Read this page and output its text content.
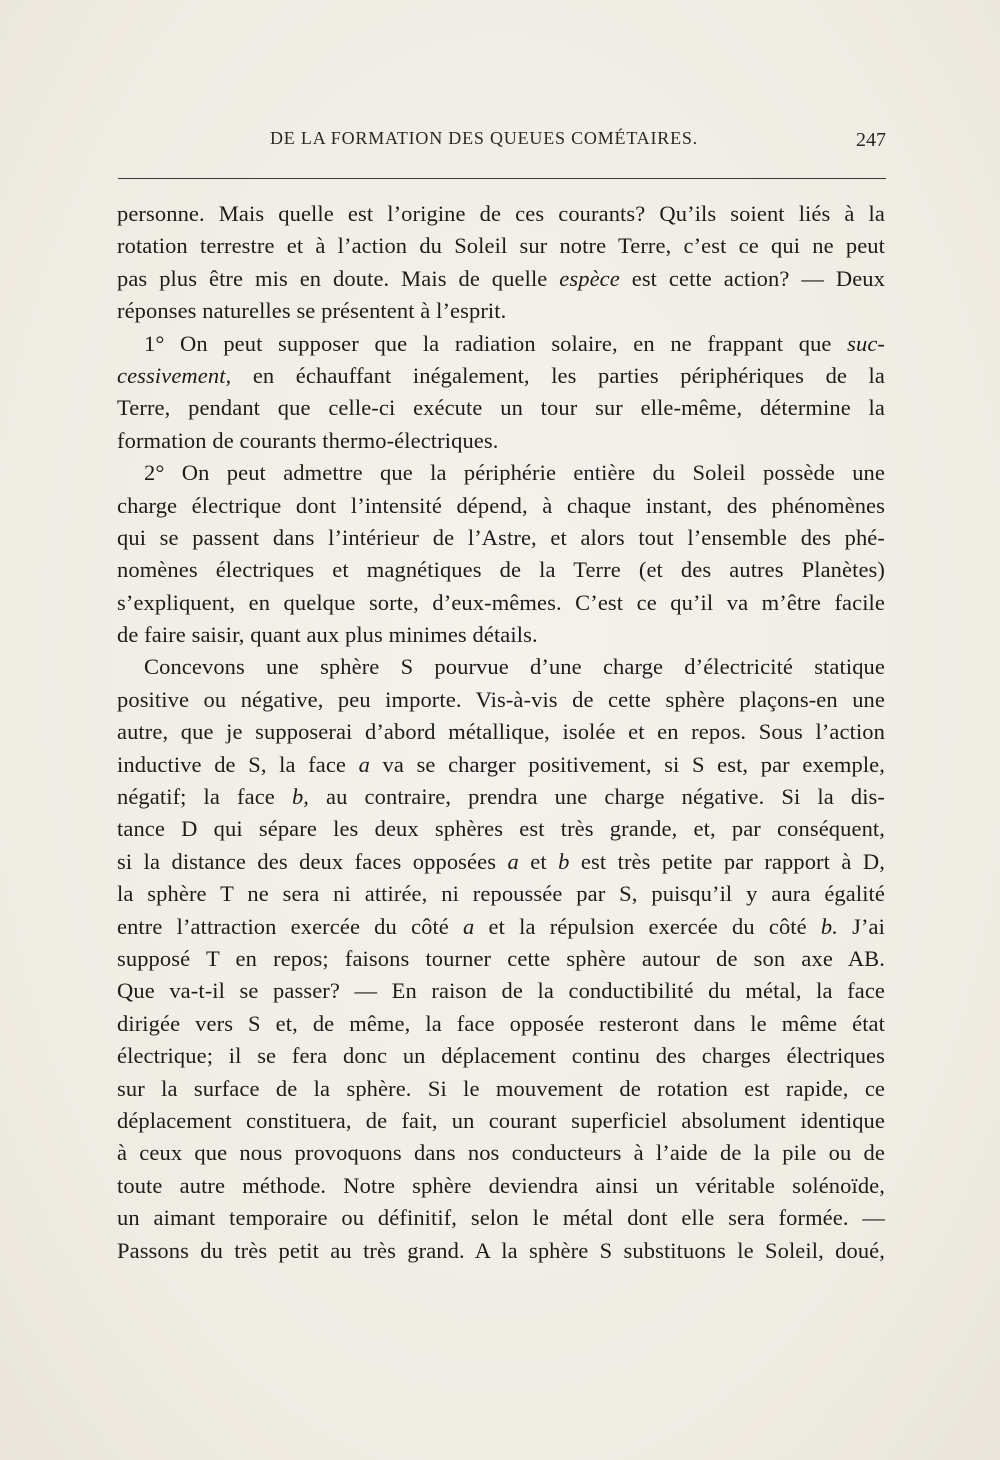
DE LA FORMATION DES QUEUES COMÉTAIRES.	247
personne. Mais quelle est l’origine de ces courants? Qu’ils soient liés à la
rotation terrestre et à l’action du Soleil sur notre Terre, c’est ce qui ne peut
pas plus être mis en doute. Mais de quelle espèce est cette action? — Deux
réponses naturelles se présentent à l’esprit.
1° On peut supposer que la radiation solaire, en ne frappant que suc-
cessivement, en échauffant inégalement, les parties périphériques de la
Terre, pendant que celle-ci exécute un tour sur elle-même, détermine la
formation de courants thermo-électriques.
2° On peut admettre que la périphérie entière du Soleil possède une
charge électrique dont l’intensité dépend, à chaque instant, des phénomènes
qui se passent dans l’intérieur de l’Astre, et alors tout l’ensemble des phé-
nomènes électriques et magnétiques de la Terre (et des autres Planètes)
s’expliquent, en quelque sorte, d’eux-mêmes. C’est ce qu’il va m’être facile
de faire saisir, quant aux plus minimes détails.
Concevons une sphère S pourvue d’une charge d’électricité statique
positive ou négative, peu importe. Vis-à-vis de cette sphère plaçons-en une
autre, que je supposerai d’abord métallique, isolée et en repos. Sous l’action
inductive de S, la face a va se charger positivement, si S est, par exemple,
négatif; la face b, au contraire, prendra une charge négative. Si la dis-
tance D qui sépare les deux sphères est très grande, et, par conséquent,
si la distance des deux faces opposées a et b est très petite par rapport à D,
la sphère T ne sera ni attirée, ni repoussée par S, puisqu’il y aura égalité
entre l’attraction exercée du côté a et la répulsion exercée du côté b. J’ai
supposé T en repos; faisons tourner cette sphère autour de son axe AB.
Que va-t-il se passer? — En raison de la conductibilité du métal, la face
dirigée vers S et, de même, la face opposée resteront dans le même état
électrique; il se fera donc un déplacement continu des charges électriques
sur la surface de la sphère. Si le mouvement de rotation est rapide, ce
déplacement constituera, de fait, un courant superficiel absolument identique
à ceux que nous provoquons dans nos conducteurs à l’aide de la pile ou de
toute autre méthode. Notre sphère deviendra ainsi un véritable solénoïde,
un aimant temporaire ou définitif, selon le métal dont elle sera formée. —
Passons du très petit au très grand. A la sphère S substituons le Soleil, doué,
